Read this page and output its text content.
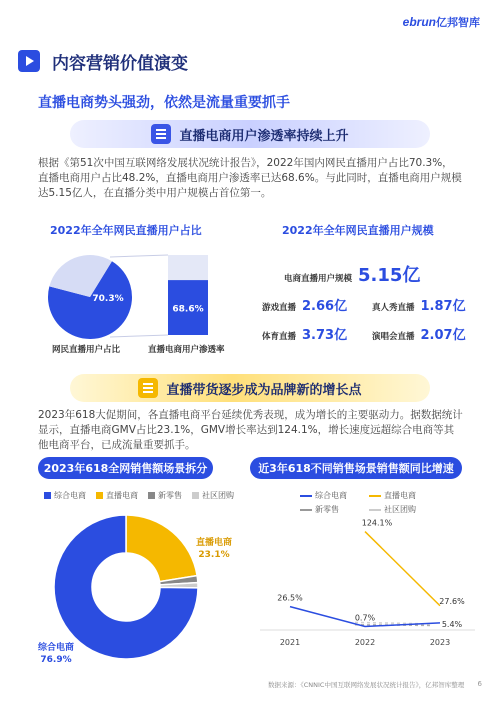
ebrun亿邦智库
内容营销价值演变
直播电商势头强劲，依然是流量重要抓手
直播电商用户渗透率持续上升
根据《第51次中国互联网络发展状况统计报告》，2022年国内网民直播用户占比70.3%，直播电商用户占比48.2%，直播电商用户渗透率已达68.6%。与此同时，直播电商用户规模达5.15亿人，在直播分类中用户规模占首位第一。
2022年全年网民直播用户占比	2022年全年网民直播用户规模
70.3%
68.6%
网民直播用户占比	直播电商用户渗透率
电商直播用户规模 5.15亿
游戏直播 2.66亿	真人秀直播 1.87亿
体育直播 3.73亿	演唱会直播 2.07亿
直播带货逐步成为品牌新的增长点
2023年618大促期间，各直播电商平台延续优秀表现，成为增长的主要驱动力。据数据统计显示，直播电商GMV占比23.1%，GMV增长率达到124.1%，增长速度远超综合电商等其他电商平台，已成流量重要抓手。
2023年618全网销售额场景拆分	近3年618不同销售场景销售额同比增速
综合电商	直播电商	新零售	社区团购
直播电商
23.1%
综合电商
76.9%
综合电商	直播电商
新零售	社区团购
2021	2022	2023
26.5%
124.1%
0.7%
27.6%
5.4%
数据来源：《CNNIC中国互联网络发展状况统计报告》，亿邦智库整理 6
